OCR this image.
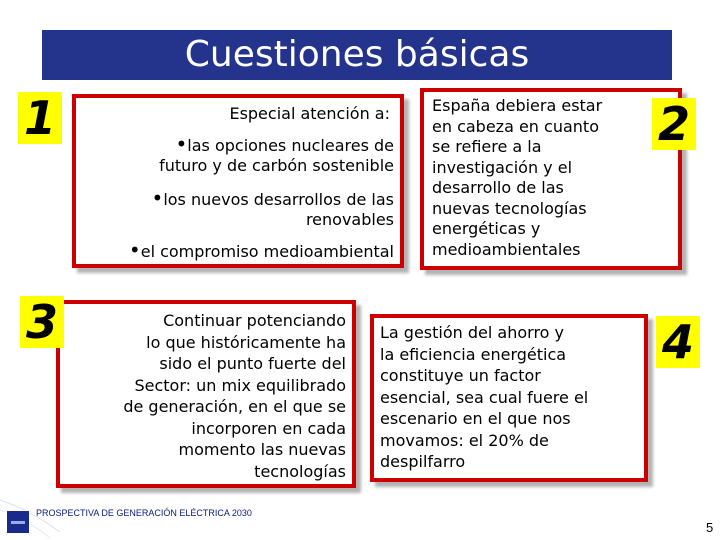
Cuestiones básicas

Especial atención a:

•las opciones nucleares de

futuro y de carbón sostenible

•los nuevos desarrollos de las

renovables

•el compromiso medioambiental

1	España debiera estar

en cabeza en cuanto

se refiere a la

investigación y el

desarrollo de las

nuevas tecnologías

energéticas y

medioambientales

2

Continuar potenciando

lo que históricamente ha

sido el punto fuerte del

Sector: un mix equilibrado

de generación, en el que se

incorporen en cada

momento las nuevas

tecnologías

3	La gestión del ahorro y

la eficiencia energética

constituye un factor

esencial, sea cual fuere el

escenario en el que nos

movamos: el 20% de

despilfarro

4
PROSPECTIVA DE GENERACIÓN ELÉCTRICA 2030
5
